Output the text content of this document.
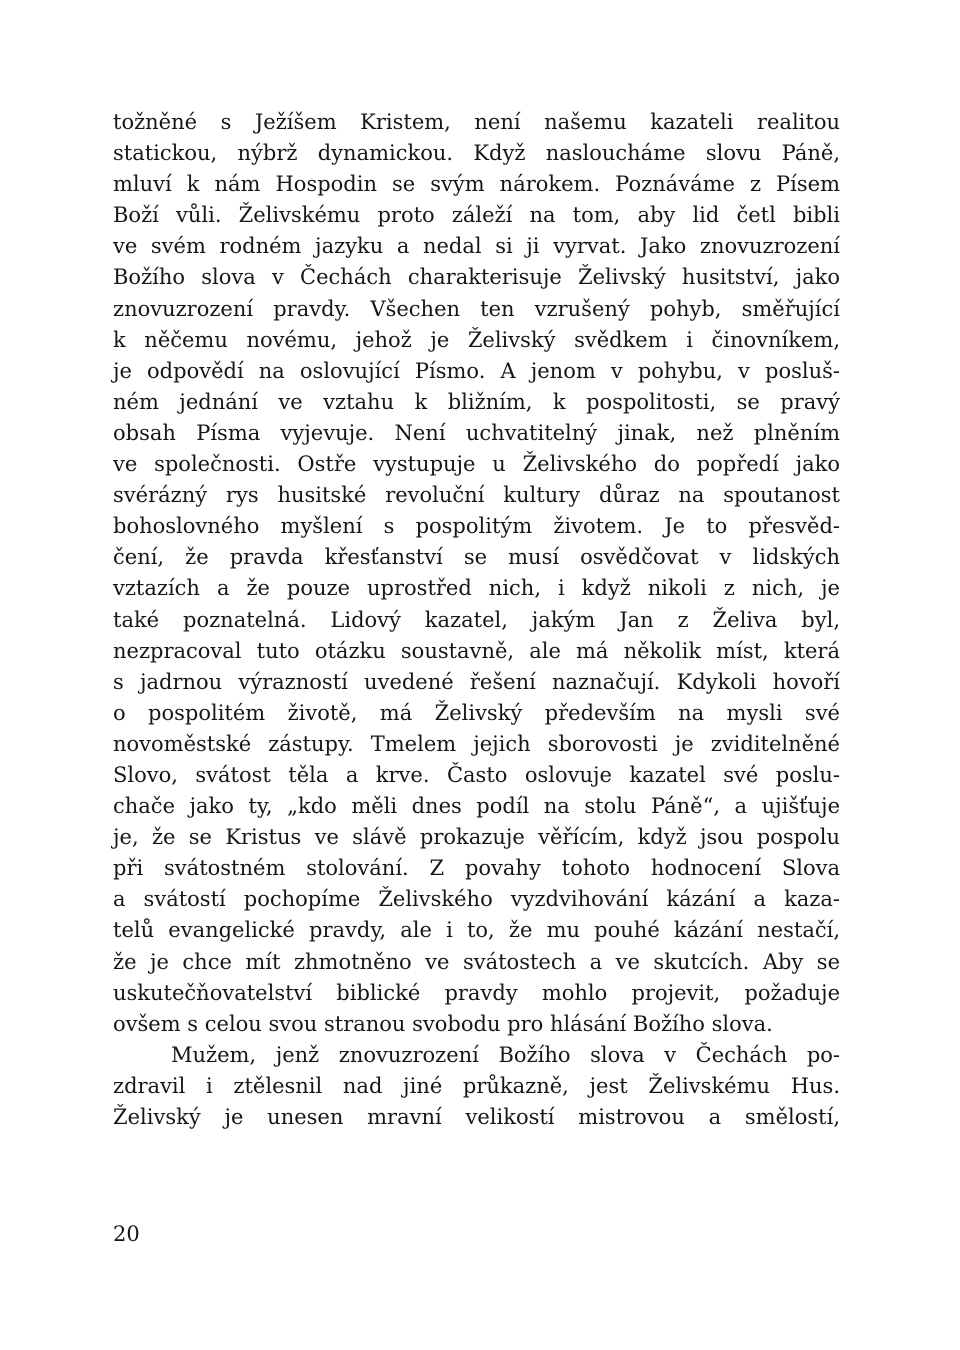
tožněné s Ježíšem Kristem, není našemu kazateli realitou
statickou, nýbrž dynamickou. Když nasloucháme slovu Páně,
mluví k nám Hospodin se svým nárokem. Poznáváme z Písem
Boží vůli. Želivskému proto záleží na tom, aby lid četl bibli
ve svém rodném jazyku a nedal si ji vyrvat. Jako znovuzrození
Božího slova v Čechách charakterisuje Želivský husitství, jako
znovuzrození pravdy. Všechen ten vzrušený pohyb, směřující
k něčemu novému, jehož je Želivský svědkem i činovníkem,
je odpovědí na oslovující Písmo. A jenom v pohybu, v posluš-
ném jednání ve vztahu k bližním, k pospolitosti, se pravý
obsah Písma vyjevuje. Není uchvatitelný jinak, než plněním
ve společnosti. Ostře vystupuje u Želivského do popředí jako
svérázný rys husitské revoluční kultury důraz na spoutanost
bohoslovného myšlení s pospolitým životem. Je to přesvěd-
čení, že pravda křesťanství se musí osvědčovat v lidských
vztazích a že pouze uprostřed nich, i když nikoli z nich, je
také poznatelná. Lidový kazatel, jakým Jan z Želiva byl,
nezpracoval tuto otázku soustavně, ale má několik míst, která
s jadrnou výrazností uvedené řešení naznačují. Kdykoli hovoří
o pospolitém životě, má Želivský především na mysli své
novoměstské zástupy. Tmelem jejich sborovosti je zviditelněné
Slovo, svátost těla a krve. Často oslovuje kazatel své poslu-
chače jako ty, „kdo měli dnes podíl na stolu Páně“, a ujišťuje
je, že se Kristus ve slávě prokazuje věřícím, když jsou pospolu
při svátostném stolování. Z povahy tohoto hodnocení Slova
a svátostí pochopíme Želivského vyzdvihování kázání a kaza-
telů evangelické pravdy, ale i to, že mu pouhé kázání nestačí,
že je chce mít zhmotněno ve svátostech a ve skutcích. Aby se
uskutečňovatelství biblické pravdy mohlo projevit, požaduje
ovšem s celou svou stranou svobodu pro hlásání Božího slova.
Mužem, jenž znovuzrození Božího slova v Čechách po-
zdravil i ztělesnil nad jiné průkazně, jest Želivskému Hus.
Želivský je unesen mravní velikostí mistrovou a smělostí,
20
